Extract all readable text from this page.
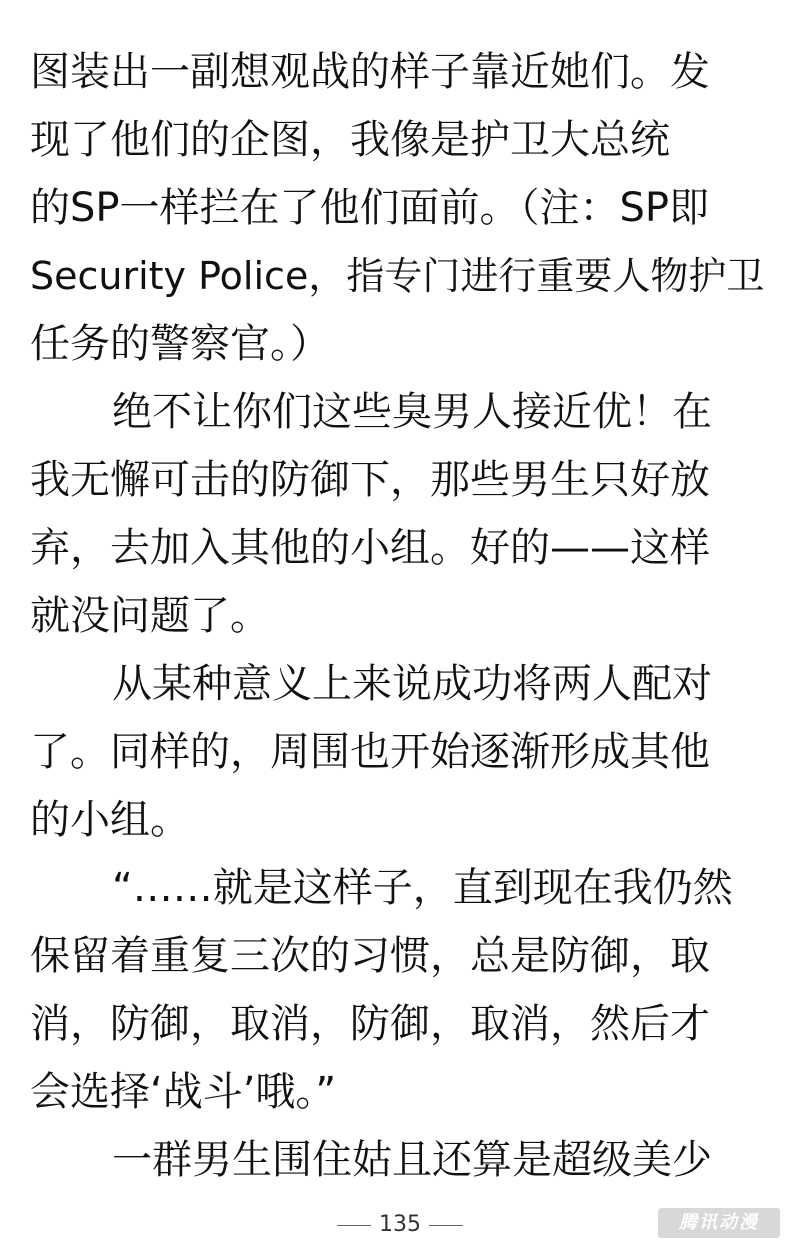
图装出一副想观战的样子靠近她们。发
现了他们的企图，我像是护卫大总统
的SP一样拦在了他们面前。（注：SP即
Security Police，指专门进行重要人物护卫
任务的警察官。）
绝不让你们这些臭男人接近优！在
我无懈可击的防御下，那些男生只好放
弃，去加入其他的小组。好的——这样
就没问题了。
从某种意义上来说成功将两人配对
了。同样的，周围也开始逐渐形成其他
的小组。
“……就是这样子，直到现在我仍然
保留着重复三次的习惯，总是防御，取
消，防御，取消，防御，取消，然后才
会选择‘战斗’哦。”
一群男生围住姑且还算是超级美少
135	腾讯动漫
